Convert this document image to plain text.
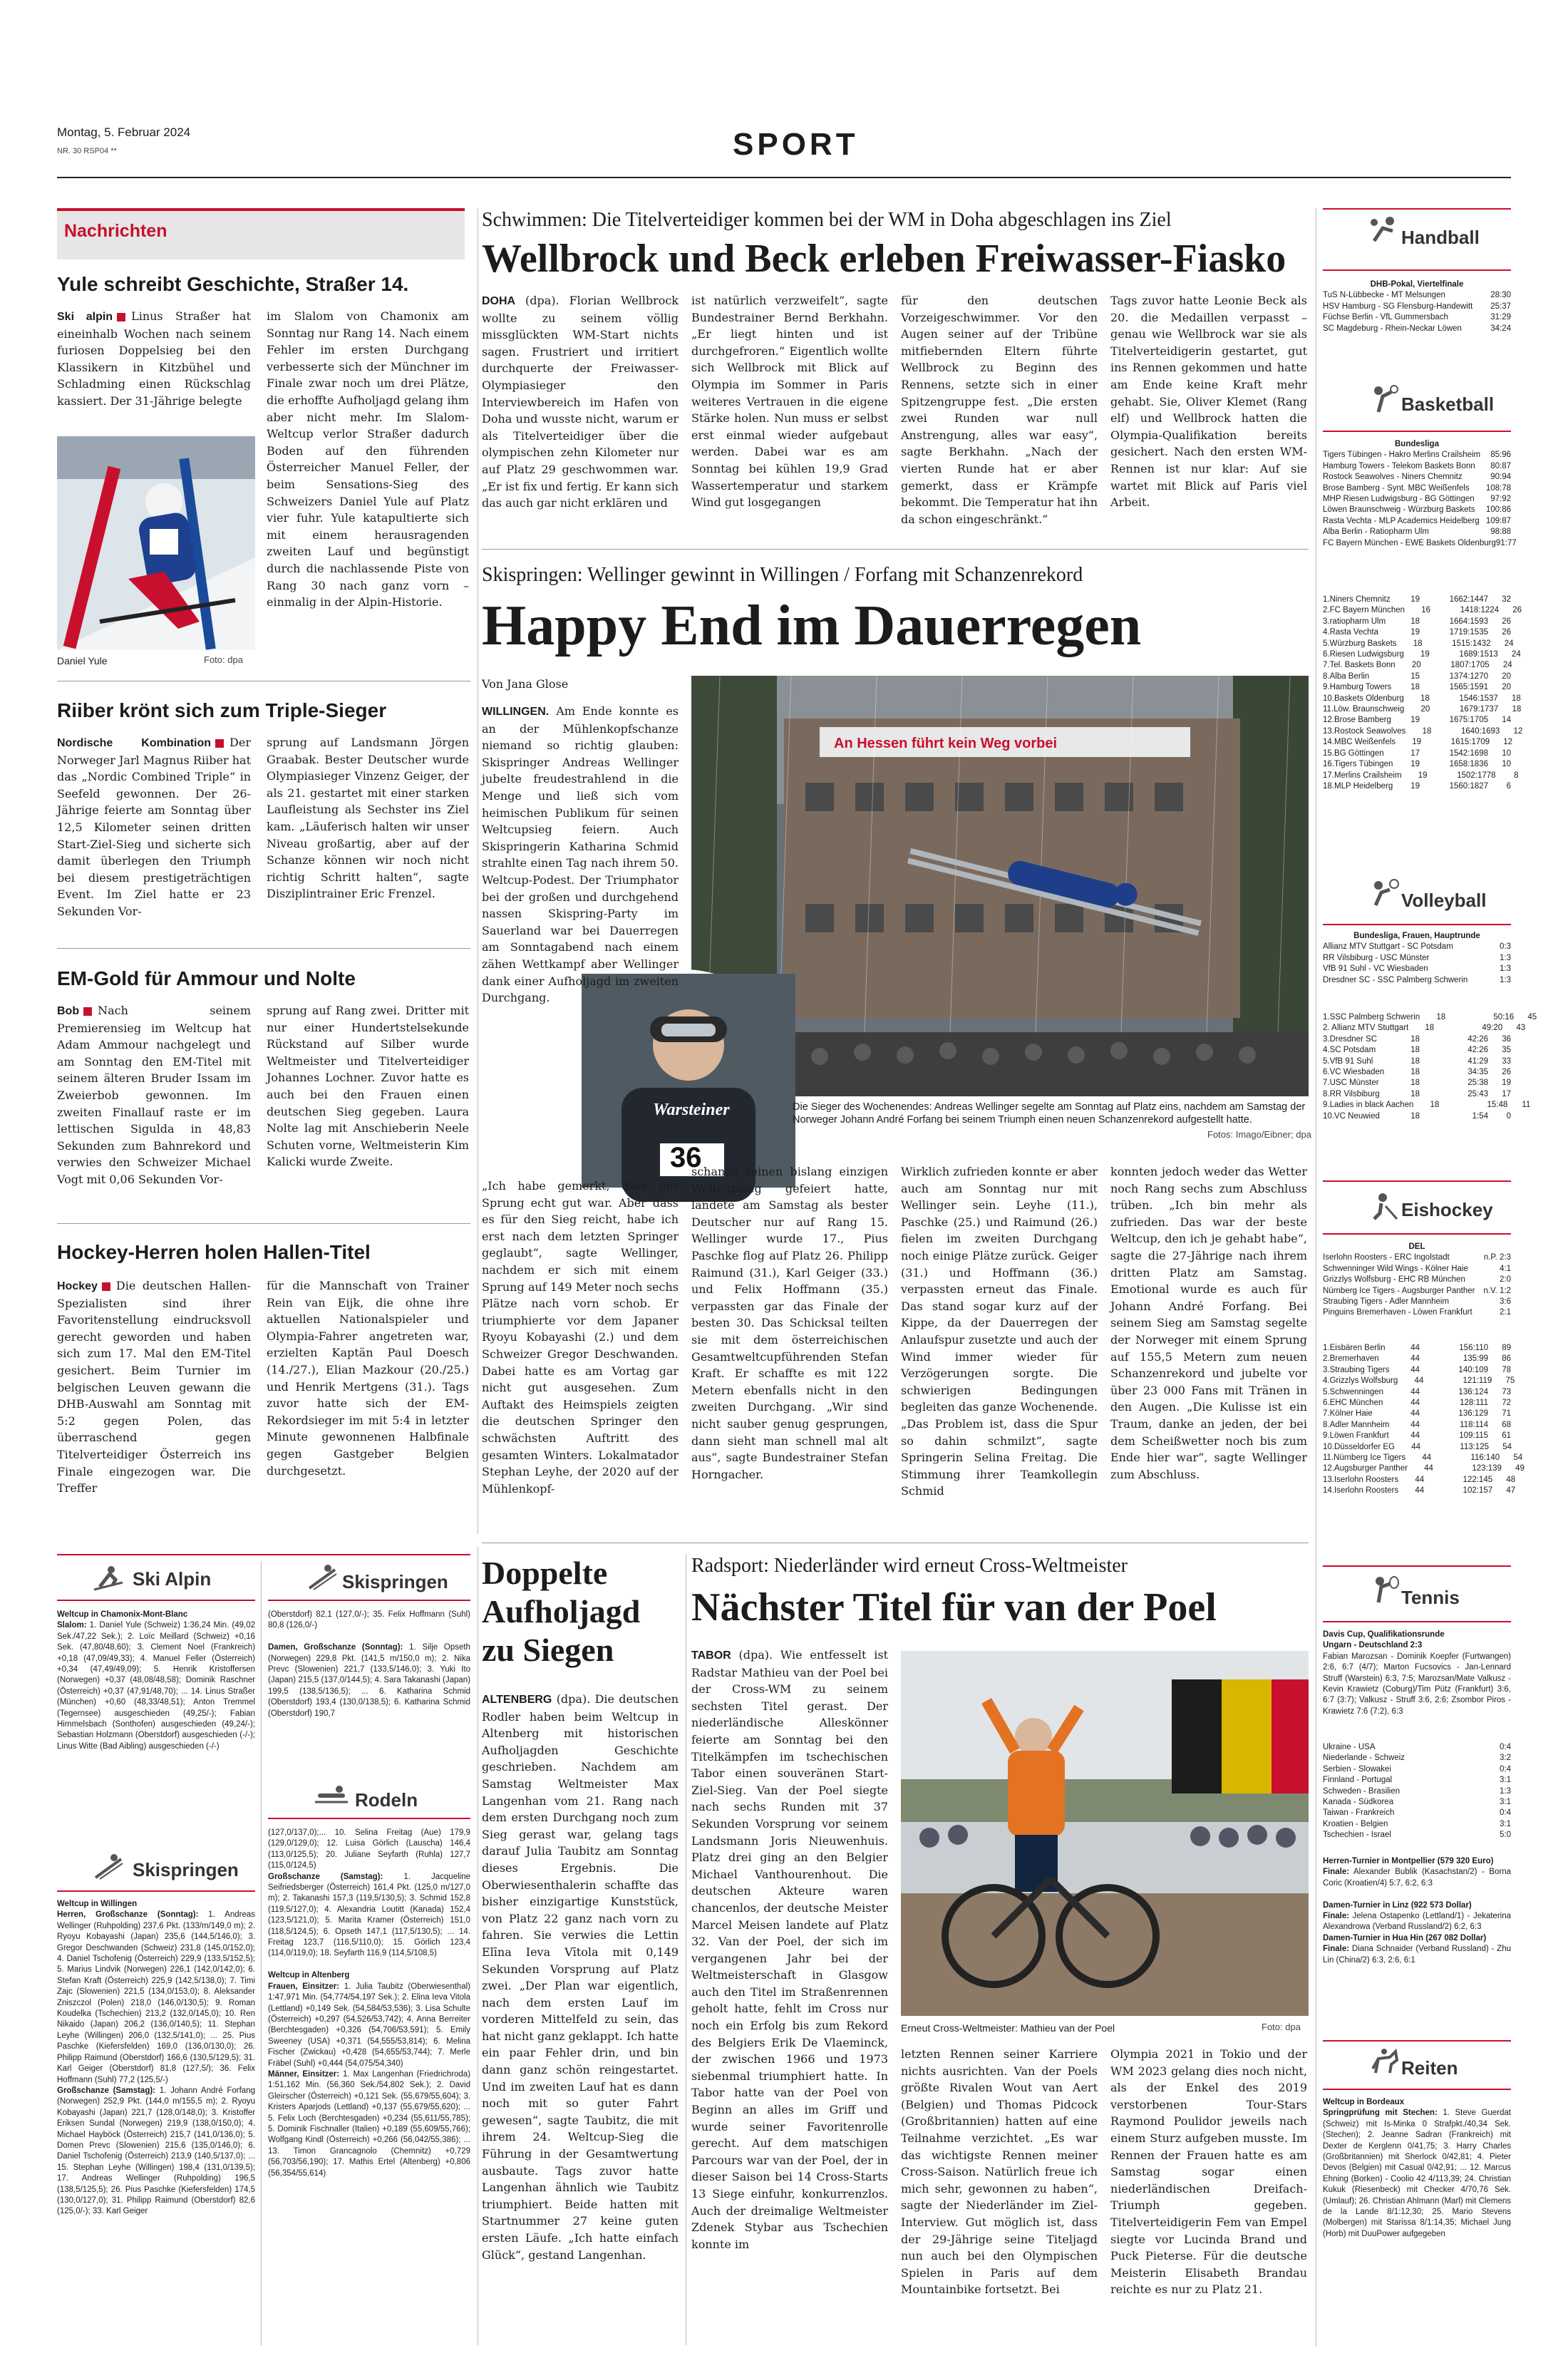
Montag, 5. Februar 2024
NR. 30 RSP04 **	SPORT
Nachrichten
Yule schreibt Geschichte, Straßer 14.

Ski alpin Linus Straßer hat eineinhalb Wochen nach seinem furiosen Doppelsieg bei den Klassikern in Kitzbühel und Schladming einen Rückschlag kassiert. Der 31-Jährige belegte

im Slalom von Chamonix am Sonntag nur Rang 14. Nach einem Fehler im ersten Durchgang verbesserte sich der Münchner im Finale zwar noch um drei Plätze, die erhoffte Aufholjagd gelang ihm aber nicht mehr. Im Slalom-Weltcup verlor Straßer dadurch Boden auf den führenden Österreicher Manuel Feller, der beim Sensations-Sieg des Schweizers Daniel Yule auf Platz vier fuhr. Yule katapultierte sich mit einem herausragenden zweiten Lauf und begünstigt durch die nachlassende Piste von Rang 30 nach ganz vorn – einmalig in der Alpin-Historie.

Daniel Yule	Foto: dpa
Riiber krönt sich zum Triple-Sieger

Nordische Kombination Der Norweger Jarl Magnus Riiber hat das „Nordic Combined Triple“ in Seefeld gewonnen. Der 26-Jährige feierte am Sonntag über 12,5 Kilometer seinen dritten Start-Ziel-Sieg und sicherte sich damit überlegen den Triumph bei diesem prestigeträchtigen Event. Im Ziel hatte er 23 Sekunden Vor-

sprung auf Landsmann Jörgen Graabak. Bester Deutscher wurde Olympiasieger Vinzenz Geiger, der als 21. gestartet mit einer starken Laufleistung als Sechster ins Ziel kam. „Läuferisch halten wir unser Niveau großartig, aber auf der Schanze können wir noch nicht richtig Schritt halten“, sagte Disziplintrainer Eric Frenzel.

EM-Gold für Ammour und Nolte

Bob Nach seinem Premierensieg im Weltcup hat Adam Ammour nachgelegt und am Sonntag den EM-Titel mit seinem älteren Bruder Issam im Zweierbob gewonnen. Im zweiten Finallauf raste er im lettischen Sigulda in 48,83 Sekunden zum Bahnrekord und verwies den Schweizer Michael Vogt mit 0,06 Sekunden Vor-

sprung auf Rang zwei. Dritter mit nur einer Hundertstelsekunde Rückstand auf Silber wurde Weltmeister und Titelverteidiger Johannes Lochner. Zuvor hatte es auch bei den Frauen einen deutschen Sieg gegeben. Laura Nolte lag mit Anschieberin Neele Schuten vorne, Weltmeisterin Kim Kalicki wurde Zweite.

Hockey-Herren holen Hallen-Titel

Hockey Die deutschen Hallen-Spezialisten sind ihrer Favoritenstellung eindrucksvoll gerecht geworden und haben sich zum 17. Mal den EM-Titel gesichert. Beim Turnier im belgischen Leuven gewann die DHB-Auswahl am Sonntag mit 5:2 gegen Polen, das überraschend gegen Titelverteidiger Österreich ins Finale eingezogen war. Die Treffer

für die Mannschaft von Trainer Rein van Eijk, die ohne ihre aktuellen Nationalspieler und Olympia-Fahrer angetreten war, erzielten Kaptän Paul Doesch (14./27.), Elian Mazkour (20./25.) und Henrik Mertgens (31.). Tags zuvor hatte sich der EM-Rekordsieger im mit 5:4 in letzter Minute gewonnenen Halbfinale gegen Gastgeber Belgien durchgesetzt.

Ski Alpin

Weltcup in Chamonix-Mont-Blanc
Slalom: 1. Daniel Yule (Schweiz) 1:36,24 Min. (49,02 Sek./47,22 Sek.); 2. Loïc Meillard (Schweiz) +0,16 Sek. (47,80/48,60); 3. Clement Noel (Frankreich) +0,18 (47,09/49,33); 4. Manuel Feller (Österreich) +0,34 (47,49/49,09); 5. Henrik Kristoffersen (Norwegen) +0,37 (48,08/48,58); Dominik Raschner (Österreich) +0,37 (47,91/48,70); ... 14. Linus Straßer (München) +0,60 (48,33/48,51); Anton Tremmel (Tegernsee) ausgeschieden (49,25/-); Fabian Himmelsbach (Sonthofen) ausgeschieden (49,24/-); Sebastian Holzmann (Oberstdorf) ausgeschieden (-/-); Linus Witte (Bad Aibling) ausgeschieden (-/-)

Skispringen

Weltcup in Willingen
Herren, Großschanze (Sonntag): 1. Andreas Wellinger (Ruhpolding) 237,6 Pkt. (133/m/149,0 m); 2. Ryoyu Kobayashi (Japan) 235,6 (144,5/146,0); 3. Gregor Deschwanden (Schweiz) 231,8 (145,0/152,0); 4. Daniel Tschofenig (Österreich) 229,9 (133,5/152,5); 5. Marius Lindvik (Norwegen) 226,1 (142,0/142,0); 6. Stefan Kraft (Österreich) 225,9 (142,5/138,0); 7. Timi Zajc (Slowenien) 221,5 (134,0/153,0); 8. Aleksander Zniszczol (Polen) 218,0 (146,0/130,5); 9. Roman Koudelka (Tschechien) 213,2 (132,0/145,0); 10. Ren Nikaido (Japan) 206,2 (136,0/140,5); 11. Stephan Leyhe (Willingen) 206,0 (132,5/141,0); ... 25. Pius Paschke (Kiefersfelden) 169,0 (136,0/130,0); 26. Philipp Raimund (Oberstdorf) 166,6 (130,5/129,5); 31. Karl Geiger (Oberstdorf) 81,8 (127,5/); 36. Felix Hoffmann (Suhl) 77,2 (125,5/-)
Großschanze (Samstag): 1. Johann André Forfang (Norwegen) 252,9 Pkt. (144,0 m/155,5 m); 2. Ryoyu Kobayashi (Japan) 221,7 (128,0/148,0); 3. Kristoffer Eriksen Sundal (Norwegen) 219,9 (138,0/150,0); 4. Michael Hayböck (Österreich) 215,7 (141,0/136,0); 5. Domen Prevc (Slowenien) 215,6 (135,0/146,0); 6. Daniel Tschofenig (Österreich) 213,9 (140,5/137,0); ... 15. Stephan Leyhe (Willingen) 198,4 (131,0/139,5); 17. Andreas Wellinger (Ruhpolding) 196,5 (138,5/125,5); 26. Pius Paschke (Kiefersfelden) 174,5 (130,0/127,0); 31. Philipp Raimund (Oberstdorf) 82,6 (125,0/-); 33. Karl Geiger

Skispringen

(Oberstdorf) 82,1 (127,0/-); 35. Felix Hoffmann (Suhl) 80,8 (126,0/-)

Damen, Großschanze (Sonntag): 1. Silje Opseth (Norwegen) 229,8 Pkt. (141,5 m/150,0 m); 2. Nika Prevc (Slowenien) 221,7 (133,5/146,0); 3. Yuki Ito (Japan) 215,5 (137,0/144,5); 4. Sara Takanashi (Japan) 199,5 (138,5/136,5); ... 6. Katharina Schmid (Oberstdorf) 193,4 (130,0/138,5); 6. Katharina Schmid (Oberstdorf) 190,7

Rodeln

(127,0/137,0);... 10. Selina Freitag (Aue) 179,9 (129,0/129,0); 12. Luisa Görlich (Lauscha) 146,4 (113,0/125,5); 20. Juliane Seyfarth (Ruhla) 127,7 (115,0/124,5)
Großschanze (Samstag): 1. Jacqueline Seifriedsberger (Österreich) 161,4 Pkt. (125,0 m/127,0 m); 2. Takanashi 157,3 (119,5/130,5); 3. Schmid 152,8 (119,5/127,0); 4. Alexandria Loutitt (Kanada) 152,4 (123,5/121,0); 5. Marita Kramer (Österreich) 151,0 (118,5/124,5); 6. Opseth 147,1 (117,5/130,5); ... 14. Freitag 123,7 (116,5/110,0); 15. Görlich 123,4 (114,0/119,0); 18. Seyfarth 116,9 (114,5/108,5)

Weltcup in Altenberg
Frauen, Einsitzer: 1. Julia Taubitz (Oberwiesenthal) 1:47,971 Min. (54,774/54,197 Sek.); 2. Elina Ieva Vitola (Lettland) +0,149 Sek. (54,584/53,536); 3. Lisa Schulte (Österreich) +0,297 (54,526/53,742); 4. Anna Berreiter (Berchtesgaden) +0,326 (54,706/53,591); 5. Emily Sweeney (USA) +0,371 (54,555/53,814); 6. Melina Fischer (Zwickau) +0,428 (54,655/53,744); 7. Merle Fräbel (Suhl) +0,444 (54,075/54,340)
Männer, Einsitzer: 1. Max Langenhan (Friedrichroda) 1:51,162 Min. (56,360 Sek./54,802 Sek.); 2. David Gleirscher (Österreich) +0,121 Sek. (55,679/55,604); 3. Kristers Aparjods (Lettland) +0,137 (55,679/55,620); ... 5. Felix Loch (Berchtesgaden) +0,234 (55,611/55,785); 5. Dominik Fischnaller (Italien) +0,189 (55,609/55,766); Wolfgang Kindl (Österreich) +0,266 (56,042/55,386); ... 13. Timon Grancagnolo (Chemnitz) +0,729 (56,703/56,190); 17. Mathis Ertel (Altenberg) +0,806 (56,354/55,614)

Schwimmen: Die Titelverteidiger kommen bei der WM in Doha abgeschlagen ins Ziel
Wellbrock und Beck erleben Freiwasser-Fiasko

DOHA (dpa). Florian Wellbrock wollte zu seinem völlig missglückten WM-Start nichts sagen. Frustriert und irritiert durchquerte der Freiwasser-Olympiasieger den Interviewbereich im Hafen von Doha und wusste nicht, warum er als Titelverteidiger über die olympischen zehn Kilometer nur auf Platz 29 geschwommen war. „Er ist fix und fertig. Er kann sich das auch gar nicht erklären und

ist natürlich verzweifelt“, sagte Bundestrainer Bernd Berkhahn. „Er liegt hinten und ist durchgefroren.“ Eigentlich wollte sich Wellbrock mit Blick auf Olympia im Sommer in Paris weiteres Vertrauen in die eigene Stärke holen. Nun muss er selbst erst einmal wieder aufgebaut werden. Dabei war es am Sonntag bei kühlen 19,9 Grad Wassertemperatur und starkem Wind gut losgegangen

für den deutschen Vorzeigeschwimmer. Vor den Augen seiner auf der Tribüne mitfiebernden Eltern führte Wellbrock zu Beginn des Rennens, setzte sich in einer Spitzengruppe fest. „Die ersten zwei Runden war null Anstrengung, alles war easy“, sagte Berkhahn. „Nach der vierten Runde hat er aber gemerkt, dass er Krämpfe bekommt. Die Temperatur hat ihn da schon eingeschränkt.“

Tags zuvor hatte Leonie Beck als 20. die Medaillen verpasst – genau wie Wellbrock war sie als Titelverteidigerin gestartet, gut ins Rennen gekommen und hatte am Ende keine Kraft mehr gehabt. Sie, Oliver Klemet (Rang elf) und Wellbrock hatten die Olympia-Qualifikation bereits gesichert. Nach den ersten WM-Rennen ist nur klar: Auf sie wartet mit Blick auf Paris viel Arbeit.

Skispringen: Wellinger gewinnt in Willingen / Forfang mit Schanzenrekord
Happy End im Dauerregen
Von Jana Glose
An Hessen führt kein Weg vorbei
Warsteiner
36
Die Sieger des Wochenendes: Andreas Wellinger segelte am Sonntag auf Platz eins, nachdem am Samstag der Norweger Johann André Forfang bei seinem Triumph einen neuen Schanzenrekord aufgestellt hatte.
Fotos: Imago/Eibner; dpa

WILLINGEN. Am Ende konnte es an der Mühlenkopfschanze niemand so richtig glauben: Skispringer Andreas Wellinger jubelte freudestrahlend in die Menge und ließ sich vom heimischen Publikum für seinen Weltcupsieg feiern. Auch Skispringerin Katharina Schmid strahlte einen Tag nach ihrem 50. Weltcup-Podest. Der Triumphator bei der großen und durchgehend nassen Skispring-Party im Sauerland war bei Dauerregen am Sonntagabend nach einem zähen Wettkampf aber Wellinger dank einer Aufholjagd im zweiten Durchgang.

„Ich habe gemerkt, dass der Sprung echt gut war. Aber dass es für den Sieg reicht, habe ich erst nach dem letzten Springer geglaubt“, sagte Wellinger, nachdem er sich mit einem Sprung auf 149 Meter noch sechs Plätze nach vorn schob. Er triumphierte vor dem Japaner Ryoyu Kobayashi (2.) und dem Schweizer Gregor Deschwanden. Dabei hatte es am Vortag gar nicht gut ausgesehen. Zum Auftakt des Heimspiels zeigten die deutschen Springer den schwächsten Auftritt des gesamten Winters. Lokalmatador Stephan Leyhe, der 2020 auf der Mühlenkopf-

schanze seinen bislang einzigen Weltcupsieg gefeiert hatte, landete am Samstag als bester Deutscher nur auf Rang 15. Wellinger wurde 17., Pius Paschke flog auf Platz 26. Philipp Raimund (31.), Karl Geiger (33.) und Felix Hoffmann (35.) verpassten gar das Finale der besten 30. Das Schicksal teilten sie mit dem österreichischen Gesamtweltcupführenden Stefan Kraft. Er schaffte es mit 122 Metern ebenfalls nicht in den zweiten Durchgang. „Wir sind nicht sauber genug gesprungen, dann sieht man schnell mal alt aus“, sagte Bundestrainer Stefan Horngacher.

Wirklich zufrieden konnte er aber auch am Sonntag nur mit Wellinger sein. Leyhe (11.), Paschke (25.) und Raimund (26.) fielen im zweiten Durchgang noch einige Plätze zurück. Geiger (31.) und Hoffmann (36.) verpassten erneut das Finale. Das stand sogar kurz auf der Kippe, da der Dauerregen der Anlaufspur zusetzte und auch der Wind immer wieder für Verzögerungen sorgte. Die schwierigen Bedingungen begleiten das ganze Wochenende. „Das Problem ist, dass die Spur so dahin schmilzt“, sagte Springerin Selina Freitag. Die Stimmung ihrer Teamkollegin Schmid

konnten jedoch weder das Wetter noch Rang sechs zum Abschluss trüben. „Ich bin mehr als zufrieden. Das war der beste Weltcup, den ich je gehabt habe“, sagte die 27-Jährige nach ihrem dritten Platz am Samstag. Emotional wurde es auch für Johann André Forfang. Bei seinem Sieg am Samstag segelte der Norweger mit einem Sprung auf 155,5 Metern zum neuen Schanzenrekord und jubelte vor über 23 000 Fans mit Tränen in den Augen. „Die Kulisse ist ein Traum, danke an jeden, der bei dem Scheißwetter noch bis zum Ende hier war“, sagte Wellinger zum Abschluss.

Doppelte Aufholjagd zu Siegen

ALTENBERG (dpa). Die deutschen Rodler haben beim Weltcup in Altenberg mit historischen Aufholjagden Geschichte geschrieben. Nachdem am Samstag Weltmeister Max Langenhan vom 21. Rang nach dem ersten Durchgang noch zum Sieg gerast war, gelang tags darauf Julia Taubitz am Sonntag dieses Ergebnis. Die Oberwiesenthalerin schaffte das bisher einzigartige Kunststück, von Platz 22 ganz nach vorn zu fahren. Sie verwies die Lettin Elīna Ieva Vītola mit 0,149 Sekunden Vorsprung auf Platz zwei. „Der Plan war eigentlich, nach dem ersten Lauf im vorderen Mittelfeld zu sein, das hat nicht ganz geklappt. Ich hatte ein paar Fehler drin, und bin dann ganz schön reingestartet. Und im zweiten Lauf hat es dann noch mit so guter Fahrt gewesen“, sagte Taubitz, die mit ihrem 24. Weltcup-Sieg die Führung in der Gesamtwertung ausbaute. Tags zuvor hatte Langenhan ähnlich wie Taubitz triumphiert. Beide hatten mit Startnummer 27 keine guten ersten Läufe. „Ich hatte einfach Glück“, gestand Langenhan.

Radsport: Niederländer wird erneut Cross-Weltmeister
Nächster Titel für van der Poel

TABOR (dpa). Wie entfesselt ist Radstar Mathieu van der Poel bei der Cross-WM zu seinem sechsten Titel gerast. Der niederländische Alleskönner feierte am Sonntag bei den Titelkämpfen im tschechischen Tabor einen souveränen Start-Ziel-Sieg. Van der Poel siegte nach sechs Runden mit 37 Sekunden Vorsprung vor seinem Landsmann Joris Nieuwenhuis. Platz drei ging an den Belgier Michael Vanthourenhout. Die deutschen Akteure waren chancenlos, der deutsche Meister Marcel Meisen landete auf Platz 32. Van der Poel, der sich im vergangenen Jahr bei der Weltmeisterschaft in Glasgow auch den Titel im Straßenrennen geholt hatte, fehlt im Cross nur noch ein Erfolg bis zum Rekord des Belgiers Erik De Vlaeminck, der zwischen 1966 und 1973 siebenmal triumphiert hatte. In Tabor hatte van der Poel von Beginn an alles im Griff und wurde seiner Favoritenrolle gerecht. Auf dem matschigen Parcours war van der Poel, der in dieser Saison bei 14 Cross-Starts 13 Siege einfuhr, konkurrenzlos. Auch der dreimalige Weltmeister Zdenek Stybar aus Tschechien konnte im

Erneut Cross-Weltmeister: Mathieu van der Poel	Foto: dpa

letzten Rennen seiner Karriere nichts ausrichten. Van der Poels größte Rivalen Wout van Aert (Belgien) und Thomas Pidcock (Großbritannien) hatten auf eine Teilnahme verzichtet. „Es war das wichtigste Rennen meiner Cross-Saison. Natürlich freue ich mich sehr, gewonnen zu haben“, sagte der Niederländer im Ziel-Interview. Gut möglich ist, dass der 29-Jährige seine Titeljagd nun auch bei den Olympischen Spielen in Paris auf dem Mountainbike fortsetzt. Bei

Olympia 2021 in Tokio und der WM 2023 gelang dies noch nicht, als der Enkel des 2019 verstorbenen Tour-Stars Raymond Poulidor jeweils nach einem Sturz aufgeben musste. Im Rennen der Frauen hatte es am Samstag sogar einen niederländischen Dreifach-Triumph gegeben. Titelverteidigerin Fem van Empel siegte vor Lucinda Brand und Puck Pieterse. Für die deutsche Meisterin Elisabeth Brandau reichte es nur zu Platz 21.

Handball
DHB-Pokal, Viertelfinale
TuS N-Lübbecke - MT Melsungen	28:30
HSV Hamburg - SG Flensburg-Handewitt 25:37
Füchse Berlin - VfL Gummersbach	31:29
SC Magdeburg - Rhein-Neckar Löwen	34:24
Basketball
Bundesliga
Tigers Tübingen - Hakro Merlins Crailsheim 85:96
Hamburg Towers - Telekom Baskets Bonn 80:87
Rostock Seawolves - Niners Chemnitz	90:94
Brose Bamberg - Synt. MBC Weißenfels 108:78
MHP Riesen Ludwigsburg - BG Göttingen 97:92
Löwen Braunschweig - Würzburg Baskets 100:86
Rasta Vechta - MLP Academics Heidelberg 109:87
Alba Berlin - Ratiopharm Ulm	98:88
FC Bayern München - EWE Baskets Oldenburg 91:77
1.Niners Chemnitz	19	1662:1447	32
2.FC Bayern München	16	1418:1224	26
3.ratiopharm Ulm	18	1664:1593	26
4.Rasta Vechta	19	1719:1535	26
5.Würzburg Baskets	18	1515:1432	24
6.Riesen Ludwigsburg	19	1689:1513	24
7.Tel. Baskets Bonn	20	1807:1705	24
8.Alba Berlin	15	1374:1270	20
9.Hamburg Towers	18	1565:1591	20
10.Baskets Oldenburg	18	1546:1537	18
11.Löw. Braunschweig	20	1679:1737	18
12.Brose Bamberg	19	1675:1705	14
13.Rostock Seawolves	18	1640:1693	12
14.MBC Weißenfels	19	1615:1709	12
15.BG Göttingen	17	1542:1698	10
16.Tigers Tübingen	19	1658:1836	10
17.Merlins Crailsheim	19	1502:1778	8
18.MLP Heidelberg	19	1560:1827	6
Volleyball
Bundesliga, Frauen, Hauptrunde
Allianz MTV Stuttgart - SC Potsdam	0:3
RR Vilsbiburg - USC Münster	1:3
VfB 91 Suhl - VC Wiesbaden	1:3
Dresdner SC - SSC Palmberg Schwerin	1:3
1.SSC Palmberg Schwerin	18	50:16	45
2. Allianz MTV Stuttgart	18	49:20	43
3.Dresdner SC	18	42:26	36
4.SC Potsdam	18	42:26	35
5.VfB 91 Suhl	18	41:29	33
6.VC Wiesbaden	18	34:35	26
7.USC Münster	18	25:38	19
8.RR Vilsbiburg	18	25:43	17
9.Ladies in black Aachen	18	15:48	11
10.VC Neuwied	18	1:54	0
Eishockey
DEL
Iserlohn Roosters - ERC Ingolstadt	n.P. 2:3
Schwenninger Wild Wings - Kölner Haie	4:1
Grizzlys Wolfsburg - EHC RB München	2:0
Nürnberg Ice Tigers - Augsburger Panther n.V. 1:2
Straubing Tigers - Adler Mannheim	3:6
Pinguins Bremerhaven - Löwen Frankfurt	2:1
1.Eisbären Berlin	44	156:110	89
2.Bremerhaven	44	135:99	86
3.Straubing Tigers	44	140:109	78
4.Grizzlys Wolfsburg	44	121:119	75
5.Schwenningen	44	136:124	73
6.EHC München	44	128:111	72
7.Kölner Haie	44	136:129	71
8.Adler Mannheim	44	118:114	68
9.Löwen Frankfurt	44	109:115	61
10.Düsseldorfer EG	44	113:125	54
11.Nürnberg Ice Tigers	44	116:140	54
12.Augsburger Panther	44	123:139	49
13.Iserlohn Roosters	44	122:145	48
14.Iserlohn Roosters	44	102:157	47
Tennis

Davis Cup, Qualifikationsrunde
Ungarn - Deutschland 2:3
Fabian Marozsan - Dominik Koepfer (Furtwangen) 2:6, 6:7 (4/7); Marton Fucsovics - Jan-Lennard Struff (Warstein) 6:3, 7:5; Marozsan/Mate Valkusz - Kevin Krawietz (Coburg)/Tim Pütz (Frankfurt) 3:6, 6:7 (3:7); Valkusz - Struff 3:6, 2:6; Zsombor Piros - Krawietz 7:6 (7:2), 6:3

Ukraine - USA	0:4
Niederlande - Schweiz	3:2
Serbien - Slowakei	0:4
Finnland - Portugal	3:1
Schweden - Brasilien	1:3
Kanada - Südkorea	3:1
Taiwan - Frankreich	0:4
Kroatien - Belgien	3:1
Tschechien - Israel	5:0

Herren-Turnier in Montpellier (579 320 Euro)
Finale: Alexander Bublik (Kasachstan/2) - Borna Coric (Kroatien/4) 5:7, 6:2, 6:3

Damen-Turnier in Linz (922 573 Dollar)
Finale: Jelena Ostapenko (Lettland/1) - Jekaterina Alexandrowa (Verband Russland/2) 6:2, 6:3
Damen-Turnier in Hua Hin (267 082 Dollar)
Finale: Diana Schnaider (Verband Russland) - Zhu Lin (China/2) 6:3, 2:6, 6:1

Reiten

Weltcup in Bordeaux
Springprüfung mit Stechen: 1. Steve Guerdat (Schweiz) mit Is-Minka 0 Strafpkt./40,34 Sek. (Stechen); 2. Jeanne Sadran (Frankreich) mit Dexter de Kerglenn 0/41,75; 3. Harry Charles (Großbritannien) mit Sherlock 0/42,81; 4. Pieter Devos (Belgien) mit Casual 0/42,91; ... 12. Marcus Ehning (Borken) - Coolio 42 4/113,39; 24. Christian Kukuk (Riesenbeck) mit Checker 4/70,76 Sek. (Umlauf); 26. Christian Ahlmann (Marl) mit Clemens de la Lande 8/1:12,30; 25. Mario Stevens (Molbergen) mit Starissa 8/1:14,35; Michael Jung (Horb) mit DuuPower aufgegeben
